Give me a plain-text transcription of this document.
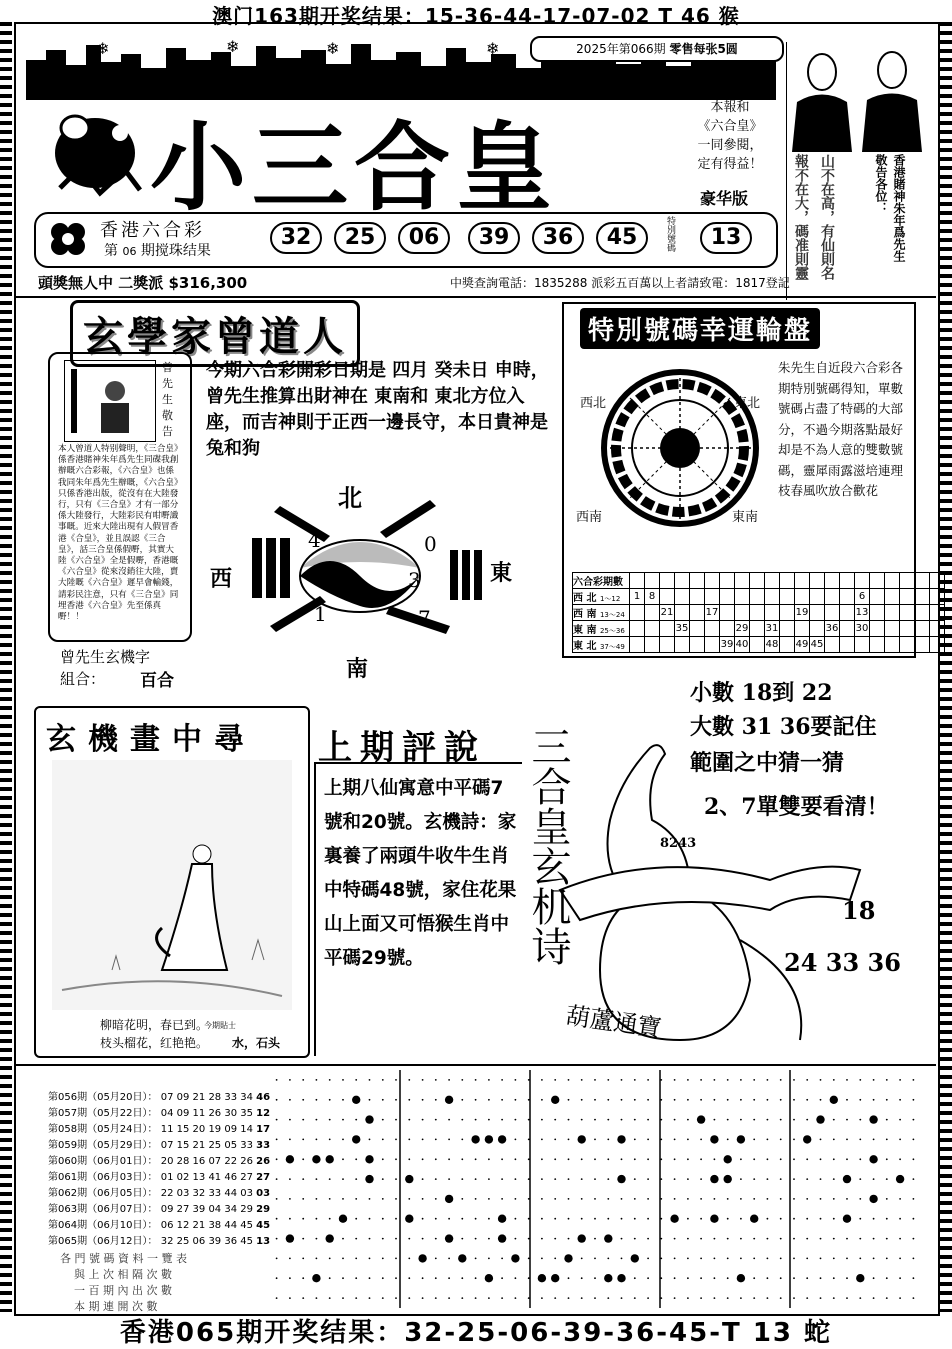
澳门163期开奖结果：15-36-44-17-07-02 T 46 猴
香港065期开奖结果：32-25-06-39-36-45-T 13 蛇
❄	❄	❄	❄	2025年第066期 零售每张5圆
小三合皇
本報和
《六合皇》
一同參閱，
定有得益！
豪华版
香港六合彩
第 06 期搅珠结果
32	25	06	39	36	45	特別號碼	13
頭獎無人中 二獎派 $316,300	中獎查詢電話：1835288 派彩五百萬以上者請致電：1817登記
香港賭神朱年爲先生
敬告各位：
山不在高，有仙則名
報不在大，碼准則靈
玄學家曾道人
曾
先
生
敬
告
本人曾道人特别聲明，《三合皇》係香港賭神朱年爲先生同碟我創辦嘅六合彩報，《六合皇》也係我同朱年爲先生辦嘅，《六合皇》只係香港出版，從沒有在大陸發行，只有《三合皇》才有一部分係大陸發行，大陸彩民有咁嘢識事嘅。近來大陸出現有人假冒香港《合皇》，並且誤認《三合皇》，話三合皇係假嘢，其實大陸《六合皇》全是假嘢，香港嘅《六合皇》從來沒銷往大陸，賣大陸嘅《六合皇》遲早會輸錢，請彩民注意，只有《三合皇》同埋香港《六合皇》先至係真嘢！！
今期六合彩開彩日期是 四月 癸未日 申時，曾先生推算出財神在 東南和 東北方位入座，而吉神則于正西一邊長守，本日貴神是 兔和狗
北
南
東
西
4	0
2	3
1	7
曾先生玄機字
組合： 百合
特別號碼幸運輪盤
西北	東北
西南	東南
朱先生自近段六合彩各期特別號碼得知，單數號碼占盡了特碼的大部分，不過今期落點最好却是不為人意的雙數號碼，靈犀雨露滋培連理枝春風吹放合歡花
六合彩期數																					
西 北 1～12	1	8														6					
西 南 13～24			21			17						19				13					
東 南 25～36				35				29		31				36		30					
東 北 37～49							39	40		48		49	45								
小數 18到 22
大數 31 36要記住
範圍之中猜一猜
2、7單雙要看清！
8243
18
24 33 36
三合皇玄机诗
葫蘆通寶
玄機畫中尋
柳暗花明，春已到。
枝头榴花，红艳艳。
今期貼士
水，石头
上期評說
上期八仙寓意中平碼7號和20號。玄機詩：家裏養了兩頭牛收牛生肖中特碼48號，家住花果山上面又可悟猴生肖中平碼29號。
第056期（05月20日）： 07 09 21 28 33 34 46
第057期（05月22日）： 04 09 11 26 30 35 12
第058期（05月24日）： 11 15 20 19 09 14 17
第059期（05月29日）： 07 15 21 25 05 33 33
第060期（06月01日）： 20 28 16 07 22 26 26
第061期（06月03日）： 01 02 13 41 46 27 27
第062期（06月05日）： 22 03 32 33 44 03 03
第063期（06月07日）： 09 27 39 04 34 29 29
第064期（06月10日）： 06 12 21 38 44 45 45
第065期（06月12日）： 32 25 06 39 36 45 13
各 門 號 碼 資 料 一 覽 表
與 上 次 相 隔 次 數
一 百 期 內 出 次 數
本 期 連 開 次 數
